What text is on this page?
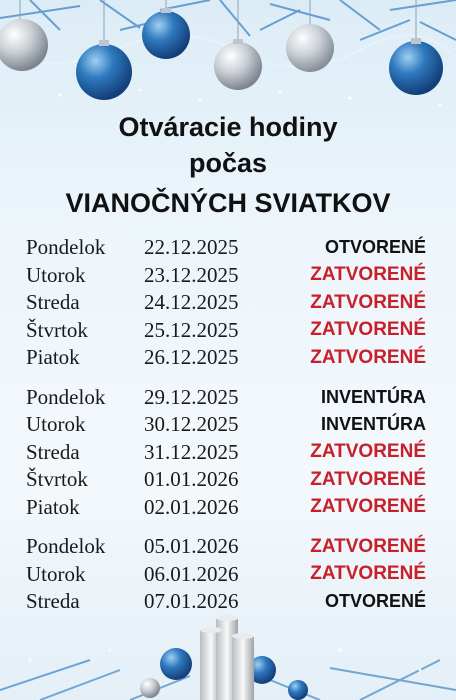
Otváracie hodiny
počas
VIANOČNÝCH SVIATKOV
Pondelok	22.12.2025	OTVORENÉ
Utorok	23.12.2025	ZATVORENÉ
Streda	24.12.2025	ZATVORENÉ
Štvrtok	25.12.2025	ZATVORENÉ
Piatok	26.12.2025	ZATVORENÉ
Pondelok	29.12.2025	INVENTÚRA
Utorok	30.12.2025	INVENTÚRA
Streda	31.12.2025	ZATVORENÉ
Štvrtok	01.01.2026	ZATVORENÉ
Piatok	02.01.2026	ZATVORENÉ
Pondelok	05.01.2026	ZATVORENÉ
Utorok	06.01.2026	ZATVORENÉ
Streda	07.01.2026	OTVORENÉ
